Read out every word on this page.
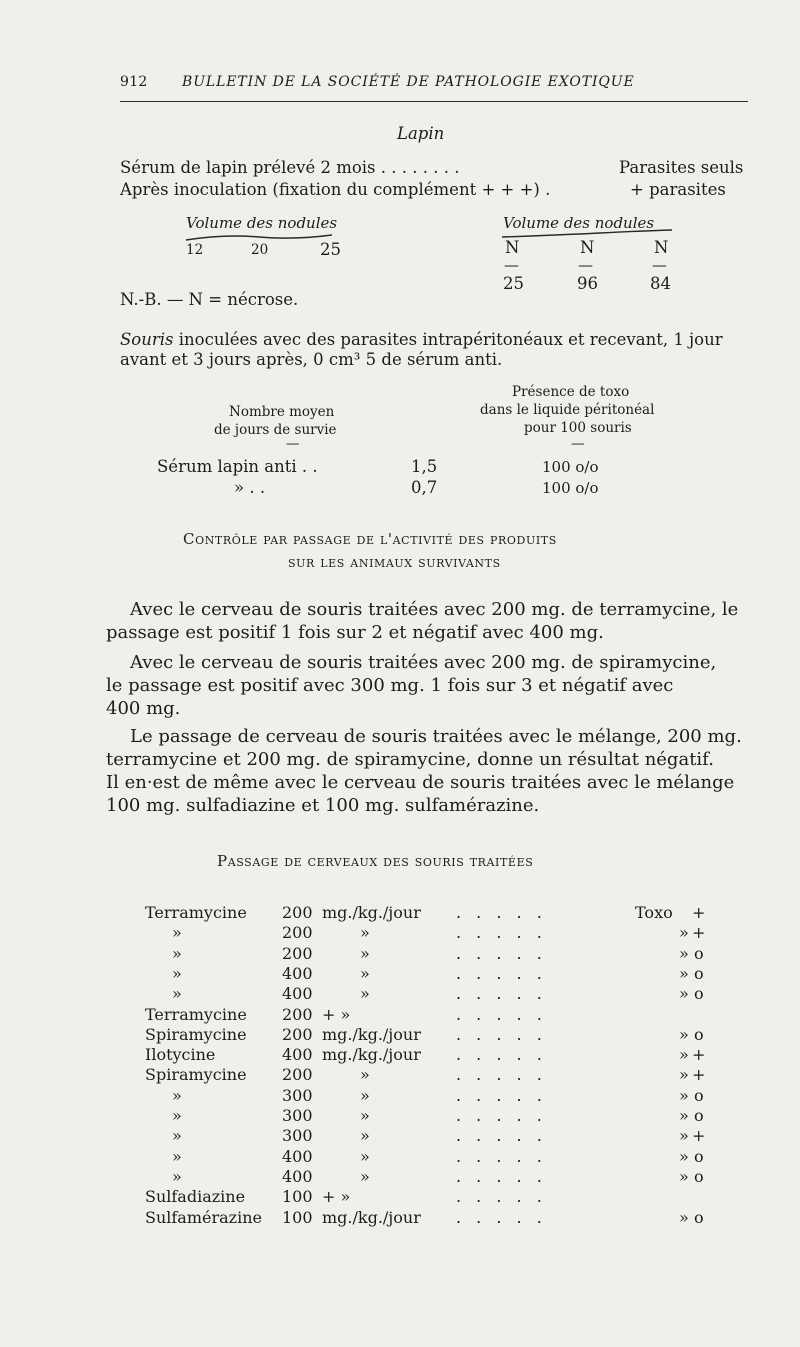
912 BULLETIN DE LA SOCIÉTÉ DE PATHOLOGIE EXOTIQUE
Lapin
Sérum de lapin prélevé 2 mois . . . . . . . .	Parasites seuls
Après inoculation (fixation du complément + + +) .	+ parasites
Volume des nodules	Volume des nodules
12	20	25	N	N	N
—	—	—
25	96	84
N.-B. — N = nécrose.
Souris inoculées avec des parasites intrapéritonéaux et recevant, 1 jour
avant et 3 jours après, 0 cm³ 5 de sérum anti.
Nombre moyen
de jours de survie
Présence de toxo
dans le liquide péritonéal
pour 100 souris
—	—
Sérum lapin anti . .	1,5	100 o/o
» . .	0,7	100 o/o
Contrôle par passage de l'activité des produits
sur les animaux survivants
Avec le cerveau de souris traitées avec 200 mg. de terramycine, le
passage est positif 1 fois sur 2 et négatif avec 400 mg.
Avec le cerveau de souris traitées avec 200 mg. de spiramycine,
le passage est positif avec 300 mg. 1 fois sur 3 et négatif avec
400 mg.
Le passage de cerveau de souris traitées avec le mélange, 200 mg.
terramycine et 200 mg. de spiramycine, donne un résultat négatif.
Il en·est de même avec le cerveau de souris traitées avec le mélange
100 mg. sulfadiazine et 100 mg. sulfamérazine.
Passage de cerveaux des souris traitées
Terramycine 200 mg./kg./jour . . . . .	Toxo +
»	200	»	. . . . .	» +
»	200	»	. . . . .	» o
»	400	»	. . . . .	» o
»	400	»	. . . . .	» o
Terramycine 200 + »	. . . . .
Spiramycine 200 mg./kg./jour . . . . .	» o
Ilotycine	400 mg./kg./jour . . . . .	» +
Spiramycine 200	»	. . . . .	» +
»	300	»	. . . . .	» o
»	300	»	. . . . .	» o
»	300	»	. . . . .	» +
»	400	»	. . . . .	» o
»	400	»	. . . . .	» o
Sulfadiazine 100 + »	. . . . .
Sulfamérazine 100 mg./kg./jour . . . . .	» o
